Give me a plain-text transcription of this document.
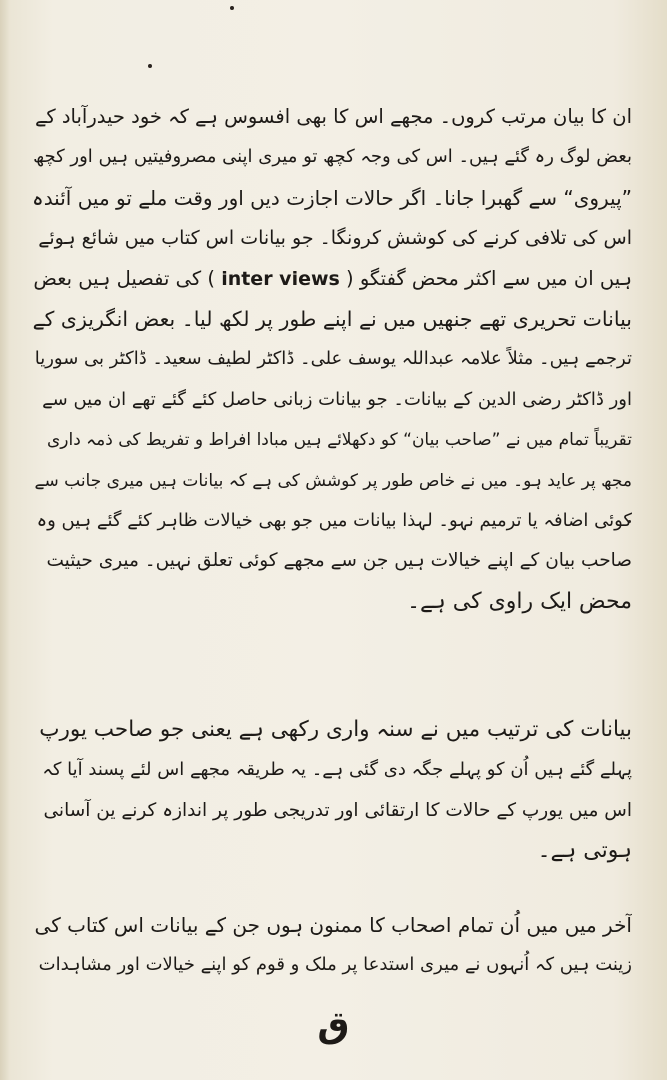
ان کا بیان مرتب کروں۔ مجھے اس کا بھی افسوس ہے کہ خود حیدرآباد کے
بعض لوگ رہ گئے ہیں۔ اس کی وجہ کچھ تو میری اپنی مصروفیتیں ہیں اور کچھ
”پیروی“ سے گھبرا جانا۔ اگر حالات اجازت دیں اور وقت ملے تو میں آئندہ
اس کی تلافی کرنے کی کوشش کرونگا۔ جو بیانات اس کتاب میں شائع ہوئے
ہیں ان میں سے اکثر محض گفتگو ( inter views ) کی تفصیل ہیں بعض
بیانات تحریری تھے جنھیں میں نے اپنے طور پر لکھ لیا۔ بعض انگریزی کے
ترجمے ہیں۔ مثلاً علامہ عبداللہ یوسف علی۔ ڈاکٹر لطیف سعید۔ ڈاکٹر بی سوریا
اور ڈاکٹر رضی الدین کے بیانات۔ جو بیانات زبانی حاصل کئے گئے تھے ان میں سے
تقریباً تمام میں نے ”صاحب بیان“ کو دکھلائے ہیں مبادا افراط و تفریط کی ذمہ داری
مجھ پر عاید ہو۔ میں نے خاص طور پر کوشش کی ہے کہ بیانات ہیں میری جانب سے
کوئی اضافہ یا ترمیم نہو۔ لہذا بیانات میں جو بھی خیالات ظاہر کئے گئے ہیں وہ
صاحب بیان کے اپنے خیالات ہیں جن سے مجھے کوئی تعلق نہیں۔ میری حیثیت
محض ایک راوی کی ہے۔
بیانات کی ترتیب میں نے سنہ واری رکھی ہے یعنی جو صاحب یورپ
پہلے گئے ہیں اُن کو پہلے جگہ دی گئی ہے۔ یہ طریقہ مجھے اس لئے پسند آیا کہ
اس میں یورپ کے حالات کا ارتقائی اور تدریجی طور پر اندازہ کرنے ین آسانی
ہوتی ہے۔
آخر میں میں اُن تمام اصحاب کا ممنون ہوں جن کے بیانات اس کتاب کی
زینت ہیں کہ اُنہوں نے میری استدعا پر ملک و قوم کو اپنے خیالات اور مشاہدات
ق
